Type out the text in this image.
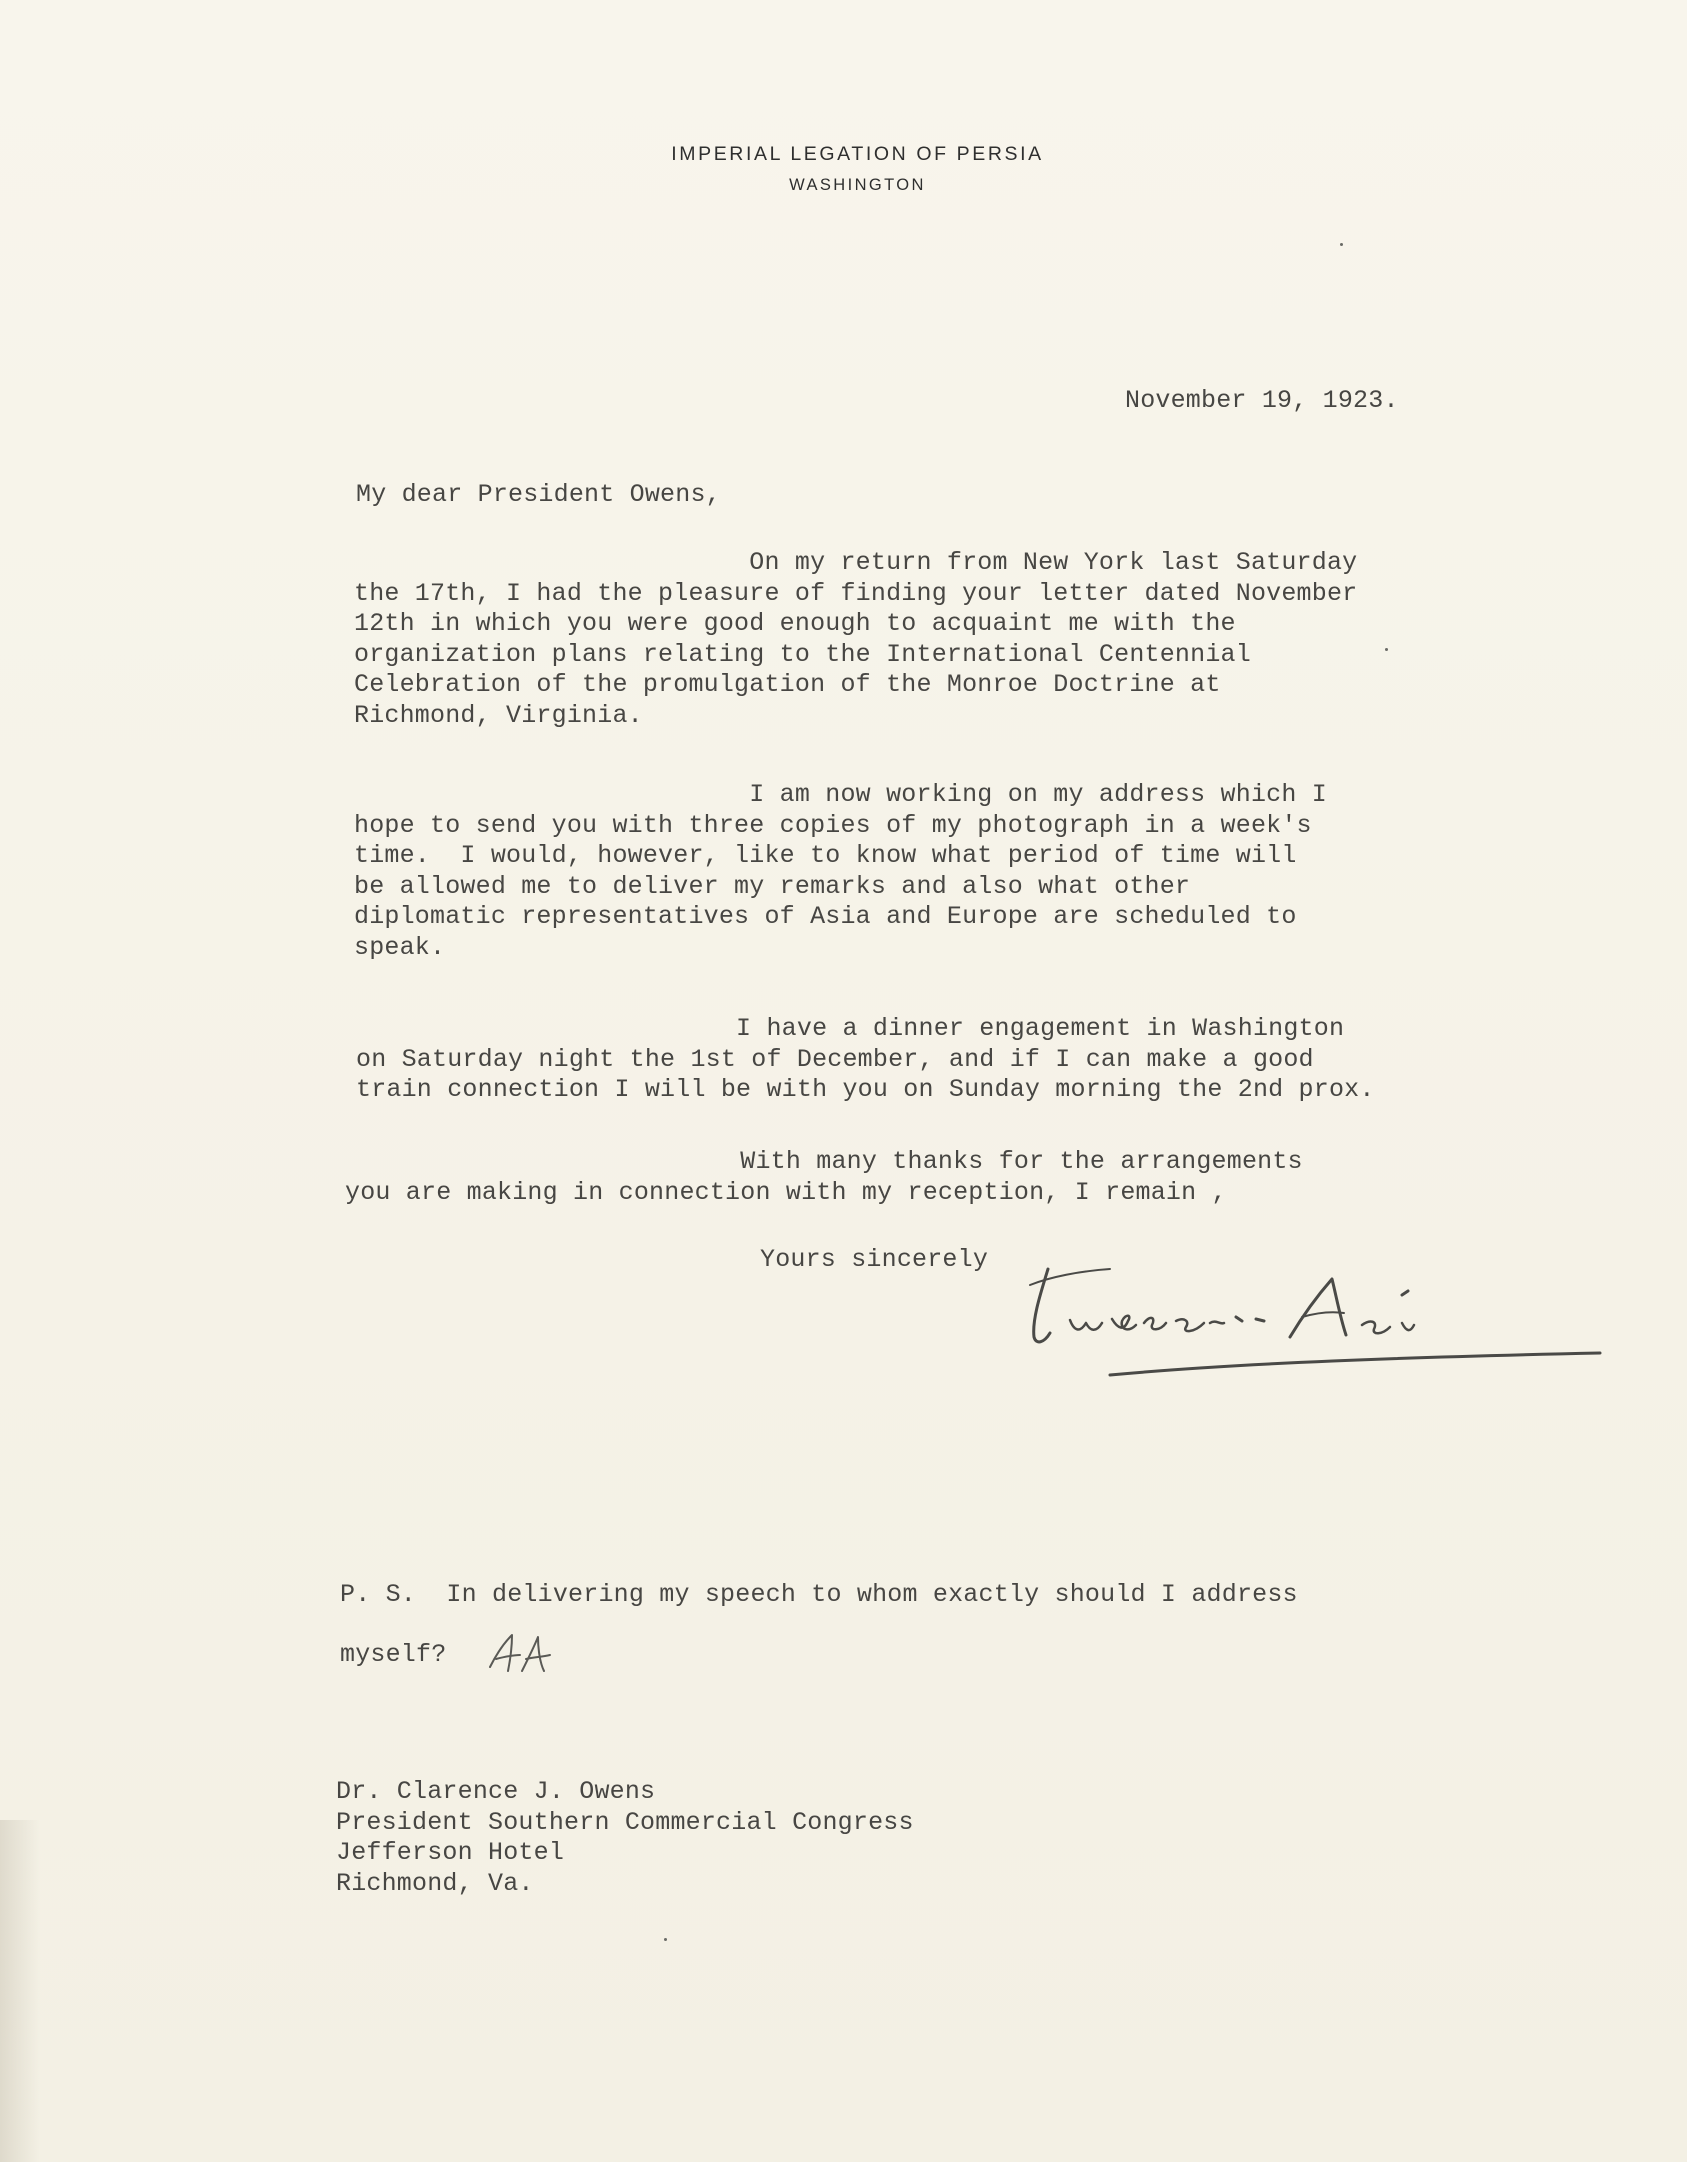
IMPERIAL LEGATION OF PERSIA
WASHINGTON
November 19, 1923.
My dear President Owens,
On my return from New York last Saturday
the 17th, I had the pleasure of finding your letter dated November
12th in which you were good enough to acquaint me with the
organization plans relating to the International Centennial
Celebration of the promulgation of the Monroe Doctrine at
Richmond, Virginia.
I am now working on my address which I
hope to send you with three copies of my photograph in a week's
time.  I would, however, like to know what period of time will
be allowed me to deliver my remarks and also what other
diplomatic representatives of Asia and Europe are scheduled to
speak.
I have a dinner engagement in Washington
on Saturday night the 1st of December, and if I can make a good
train connection I will be with you on Sunday morning the 2nd prox.
With many thanks for the arrangements
you are making in connection with my reception, I remain ,
Yours sincerely
P. S.  In delivering my speech to whom exactly should I address
myself?
Dr. Clarence J. Owens
President Southern Commercial Congress
Jefferson Hotel
Richmond, Va.
